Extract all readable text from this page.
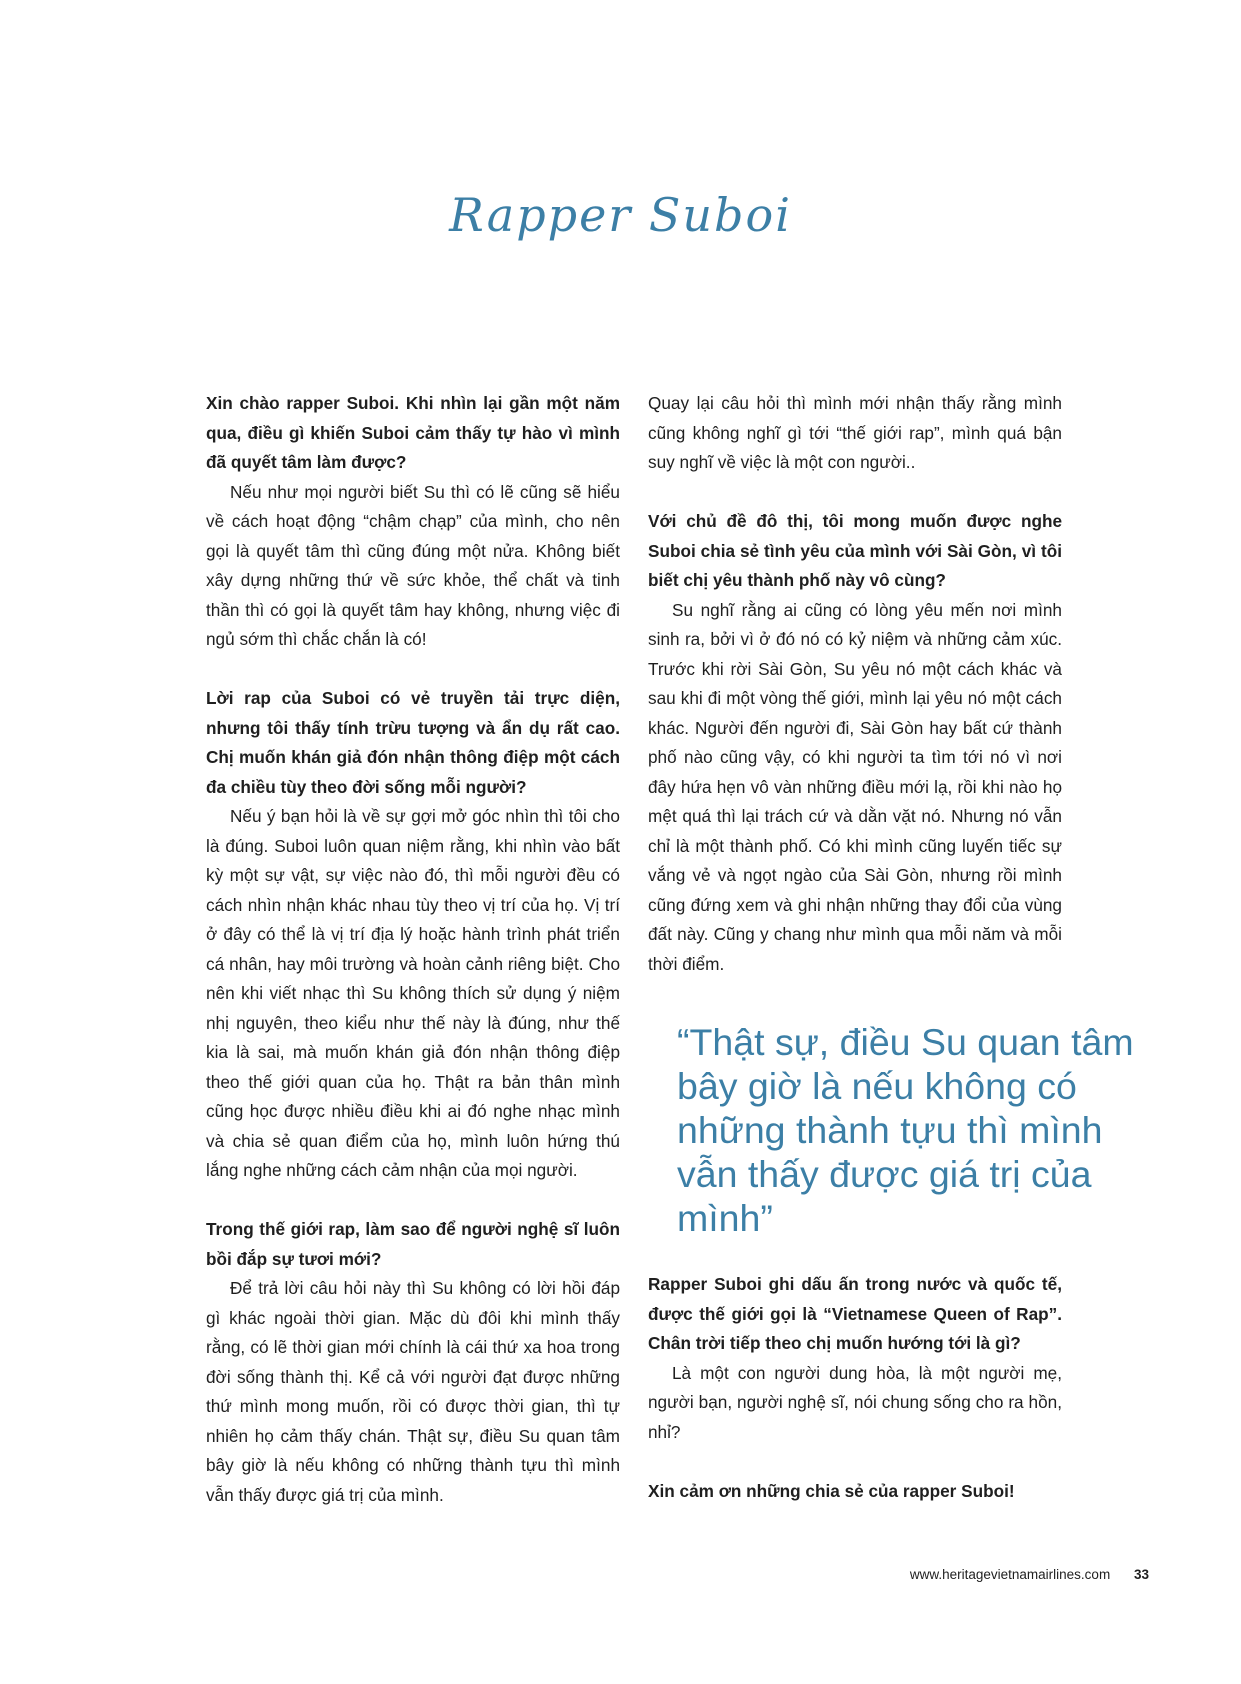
Rapper Suboi

Xin chào rapper Suboi. Khi nhìn lại gần một năm qua, điều gì khiến Suboi cảm thấy tự hào vì mình đã quyết tâm làm được?

Nếu như mọi người biết Su thì có lẽ cũng sẽ hiểu về cách hoạt động “chậm chạp” của mình, cho nên gọi là quyết tâm thì cũng đúng một nửa. Không biết xây dựng những thứ về sức khỏe, thể chất và tinh thần thì có gọi là quyết tâm hay không, nhưng việc đi ngủ sớm thì chắc chắn là có!

Lời rap của Suboi có vẻ truyền tải trực diện, nhưng tôi thấy tính trừu tượng và ẩn dụ rất cao. Chị muốn khán giả đón nhận thông điệp một cách đa chiều tùy theo đời sống mỗi người?

Nếu ý bạn hỏi là về sự gợi mở góc nhìn thì tôi cho là đúng. Suboi luôn quan niệm rằng, khi nhìn vào bất kỳ một sự vật, sự việc nào đó, thì mỗi người đều có cách nhìn nhận khác nhau tùy theo vị trí của họ. Vị trí ở đây có thể là vị trí địa lý hoặc hành trình phát triển cá nhân, hay môi trường và hoàn cảnh riêng biệt. Cho nên khi viết nhạc thì Su không thích sử dụng ý niệm nhị nguyên, theo kiểu như thế này là đúng, như thế kia là sai, mà muốn khán giả đón nhận thông điệp theo thế giới quan của họ. Thật ra bản thân mình cũng học được nhiều điều khi ai đó nghe nhạc mình và chia sẻ quan điểm của họ, mình luôn hứng thú lắng nghe những cách cảm nhận của mọi người.

Trong thế giới rap, làm sao để người nghệ sĩ luôn bồi đắp sự tươi mới?

Để trả lời câu hỏi này thì Su không có lời hồi đáp gì khác ngoài thời gian. Mặc dù đôi khi mình thấy rằng, có lẽ thời gian mới chính là cái thứ xa hoa trong đời sống thành thị. Kể cả với người đạt được những thứ mình mong muốn, rồi có được thời gian, thì tự nhiên họ cảm thấy chán. Thật sự, điều Su quan tâm bây giờ là nếu không có những thành tựu thì mình vẫn thấy được giá trị của mình.

Quay lại câu hỏi thì mình mới nhận thấy rằng mình cũng không nghĩ gì tới “thế giới rap”, mình quá bận suy nghĩ về việc là một con người..

Với chủ đề đô thị, tôi mong muốn được nghe Suboi chia sẻ tình yêu của mình với Sài Gòn, vì tôi biết chị yêu thành phố này vô cùng?

Su nghĩ rằng ai cũng có lòng yêu mến nơi mình sinh ra, bởi vì ở đó nó có kỷ niệm và những cảm xúc. Trước khi rời Sài Gòn, Su yêu nó một cách khác và sau khi đi một vòng thế giới, mình lại yêu nó một cách khác. Người đến người đi, Sài Gòn hay bất cứ thành phố nào cũng vậy, có khi người ta tìm tới nó vì nơi đây hứa hẹn vô vàn những điều mới lạ, rồi khi nào họ mệt quá thì lại trách cứ và dằn vặt nó. Nhưng nó vẫn chỉ là một thành phố. Có khi mình cũng luyến tiếc sự vắng vẻ và ngọt ngào của Sài Gòn, nhưng rồi mình cũng đứng xem và ghi nhận những thay đổi của vùng đất này. Cũng y chang như mình qua mỗi năm và mỗi thời điểm.

“Thật sự, điều Su quan tâm bây giờ là nếu không có những thành tựu thì mình vẫn thấy được giá trị của mình”

Rapper Suboi ghi dấu ấn trong nước và quốc tế, được thế giới gọi là “Vietnamese Queen of Rap”. Chân trời tiếp theo chị muốn hướng tới là gì?

Là một con người dung hòa, là một người mẹ, người bạn, người nghệ sĩ, nói chung sống cho ra hồn, nhỉ?

Xin cảm ơn những chia sẻ của rapper Suboi!

www.heritagevietnamairlines.com 33
